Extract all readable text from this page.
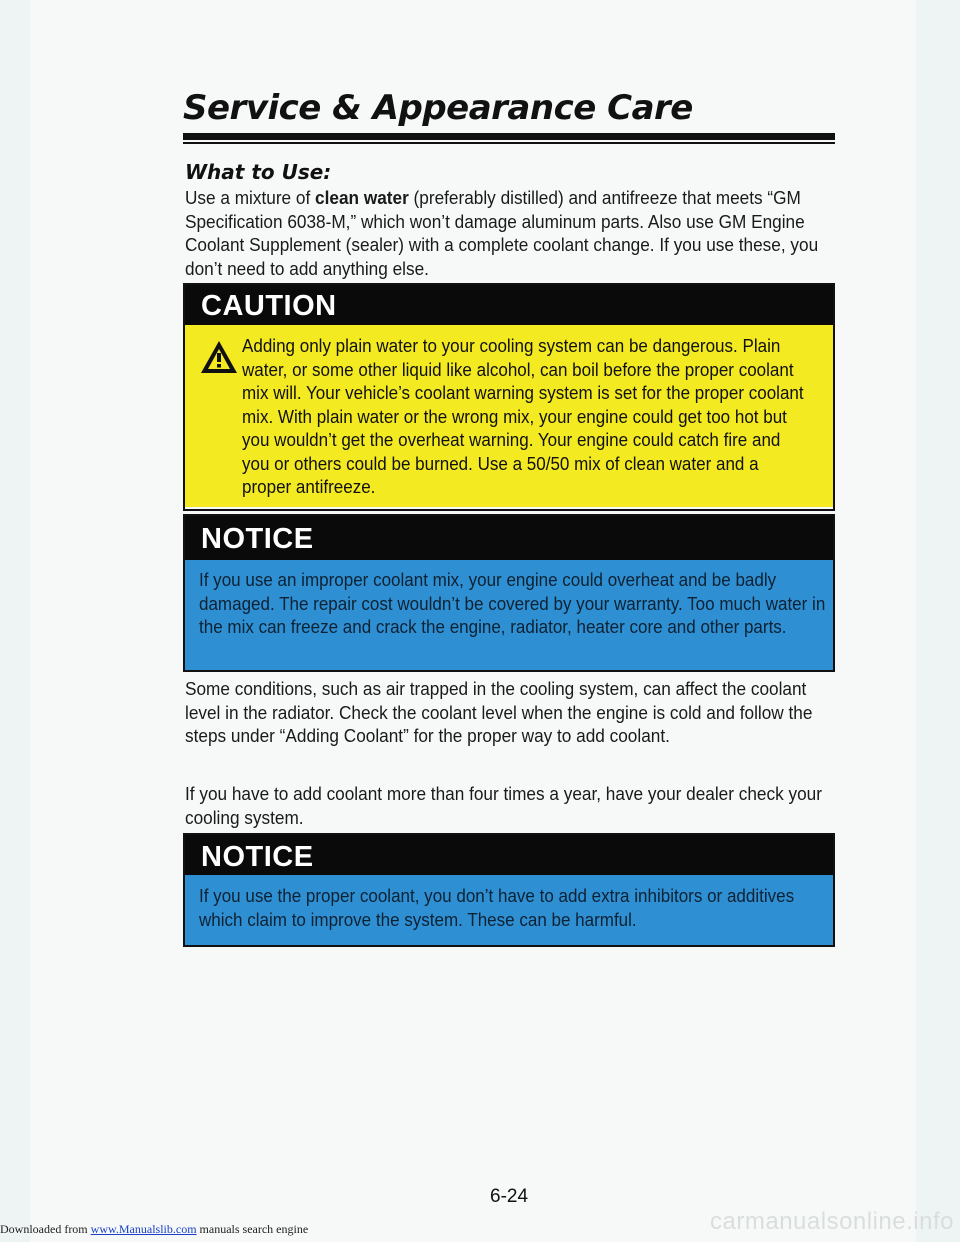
Service & Appearance Care
What to Use:
Use a mixture of clean water (preferably distilled) and antifreeze that meets “GM Specification 6038-M,” which won’t damage aluminum parts. Also use GM Engine Coolant Supplement (sealer) with a complete coolant change. If you use these, you don’t need to add anything else.
CAUTION
Adding only plain water to your cooling system can be dangerous. Plain water, or some other liquid like alcohol, can boil before the proper coolant mix will. Your vehicle’s coolant warning system is set for the proper coolant mix. With plain water or the wrong mix, your engine could get too hot but you wouldn’t get the overheat warning. Your engine could catch fire and you or others could be burned. Use a 50/50 mix of clean water and a proper antifreeze.
NOTICE
If you use an improper coolant mix, your engine could overheat and be badly damaged. The repair cost wouldn’t be covered by your warranty. Too much water in the mix can freeze and crack the engine, radiator, heater core and other parts.
Some conditions, such as air trapped in the cooling system, can affect the coolant level in the radiator. Check the coolant level when the engine is cold and follow the steps under “Adding Coolant” for the proper way to add coolant.
If you have to add coolant more than four times a year, have your dealer check your cooling system.
NOTICE
If you use the proper coolant, you don’t have to add extra inhibitors or additives which claim to improve the system. These can be harmful.
6-24
Downloaded from www.Manualslib.com manuals search engine	carmanualsonline.info
